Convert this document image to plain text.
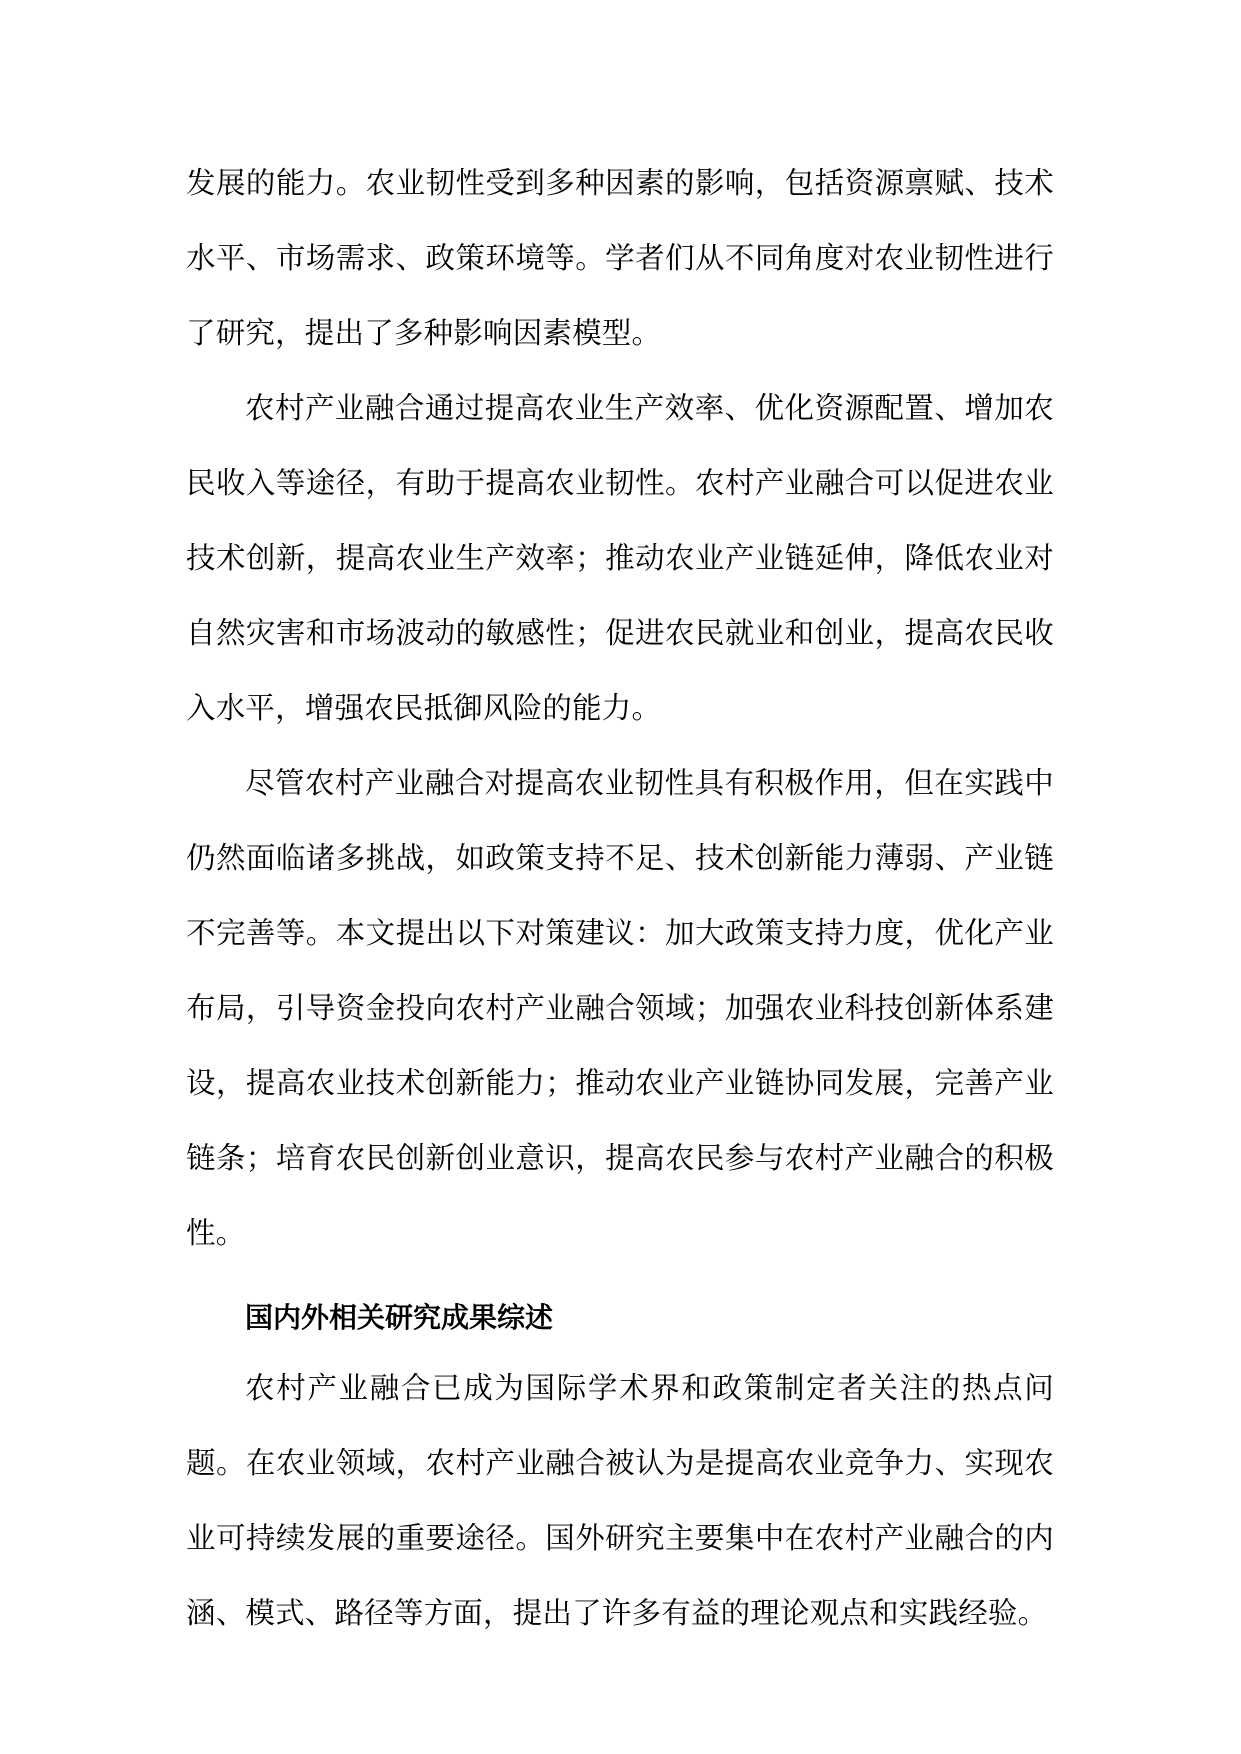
发展的能力。农业韧性受到多种因素的影响，包括资源禀赋、技术水平、市场需求、政策环境等。学者们从不同角度对农业韧性进行了研究，提出了多种影响因素模型。

农村产业融合通过提高农业生产效率、优化资源配置、增加农民收入等途径，有助于提高农业韧性。农村产业融合可以促进农业技术创新，提高农业生产效率；推动农业产业链延伸，降低农业对自然灾害和市场波动的敏感性；促进农民就业和创业，提高农民收入水平，增强农民抵御风险的能力。

尽管农村产业融合对提高农业韧性具有积极作用，但在实践中仍然面临诸多挑战，如政策支持不足、技术创新能力薄弱、产业链不完善等。本文提出以下对策建议：加大政策支持力度，优化产业布局，引导资金投向农村产业融合领域；加强农业科技创新体系建设，提高农业技术创新能力；推动农业产业链协同发展，完善产业链条；培育农民创新创业意识，提高农民参与农村产业融合的积极性。

国内外相关研究成果综述

农村产业融合已成为国际学术界和政策制定者关注的热点问题。在农业领域，农村产业融合被认为是提高农业竞争力、实现农业可持续发展的重要途径。国外研究主要集中在农村产业融合的内涵、模式、路径等方面，提出了许多有益的理论观点和实践经验。
